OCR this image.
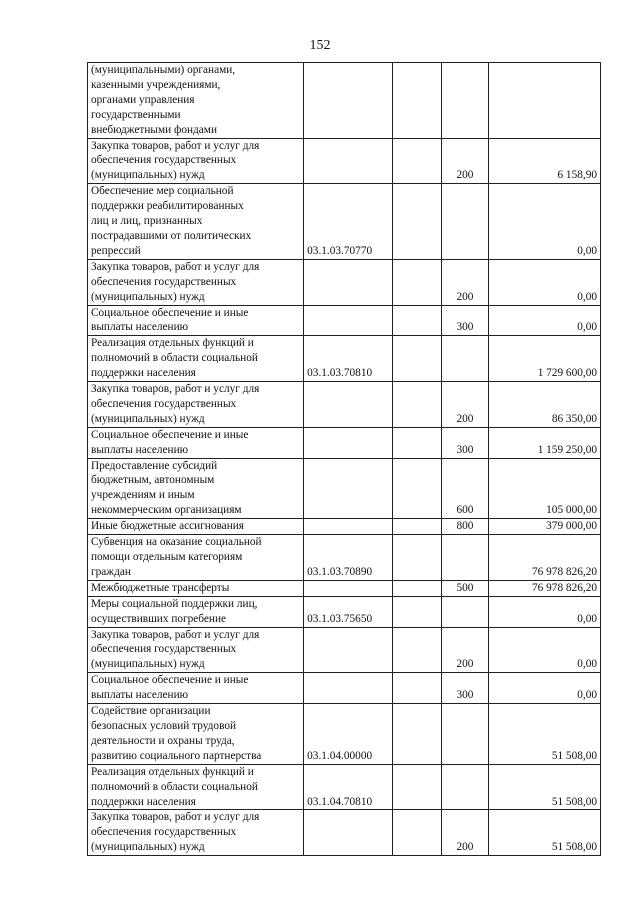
152
(муниципальными) органами,
казенными учреждениями,
органами управления
государственными
внебюджетными фондами				

Закупка товаров, работ и услуг для
обеспечения государственных
(муниципальных) нужд			200	6 158,90

Обеспечение мер социальной
поддержки реабилитированных
лиц и лиц, признанных
пострадавшими от политических
репрессий	03.1.03.70770			0,00

Закупка товаров, работ и услуг для
обеспечения государственных
(муниципальных) нужд			200	0,00

Социальное обеспечение и иные
выплаты населению			300	0,00

Реализация отдельных функций и
полномочий в области социальной
поддержки населения	03.1.03.70810			1 729 600,00

Закупка товаров, работ и услуг для
обеспечения государственных
(муниципальных) нужд			200	86 350,00

Социальное обеспечение и иные
выплаты населению			300	1 159 250,00

Предоставление субсидий
бюджетным, автономным
учреждениям и иным
некоммерческим организациям			600	105 000,00

Иные бюджетные ассигнования			800	379 000,00

Субвенция на оказание социальной
помощи отдельным категориям
граждан	03.1.03.70890			76 978 826,20

Межбюджетные трансферты			500	76 978 826,20

Меры социальной поддержки лиц,
осуществивших погребение	03.1.03.75650			0,00

Закупка товаров, работ и услуг для
обеспечения государственных
(муниципальных) нужд			200	0,00

Социальное обеспечение и иные
выплаты населению			300	0,00

Содействие организации
безопасных условий трудовой
деятельности и охраны труда,
развитию социального партнерства	03.1.04.00000			51 508,00

Реализация отдельных функций и
полномочий в области социальной
поддержки населения	03.1.04.70810			51 508,00

Закупка товаров, работ и услуг для
обеспечения государственных
(муниципальных) нужд			200	51 508,00
